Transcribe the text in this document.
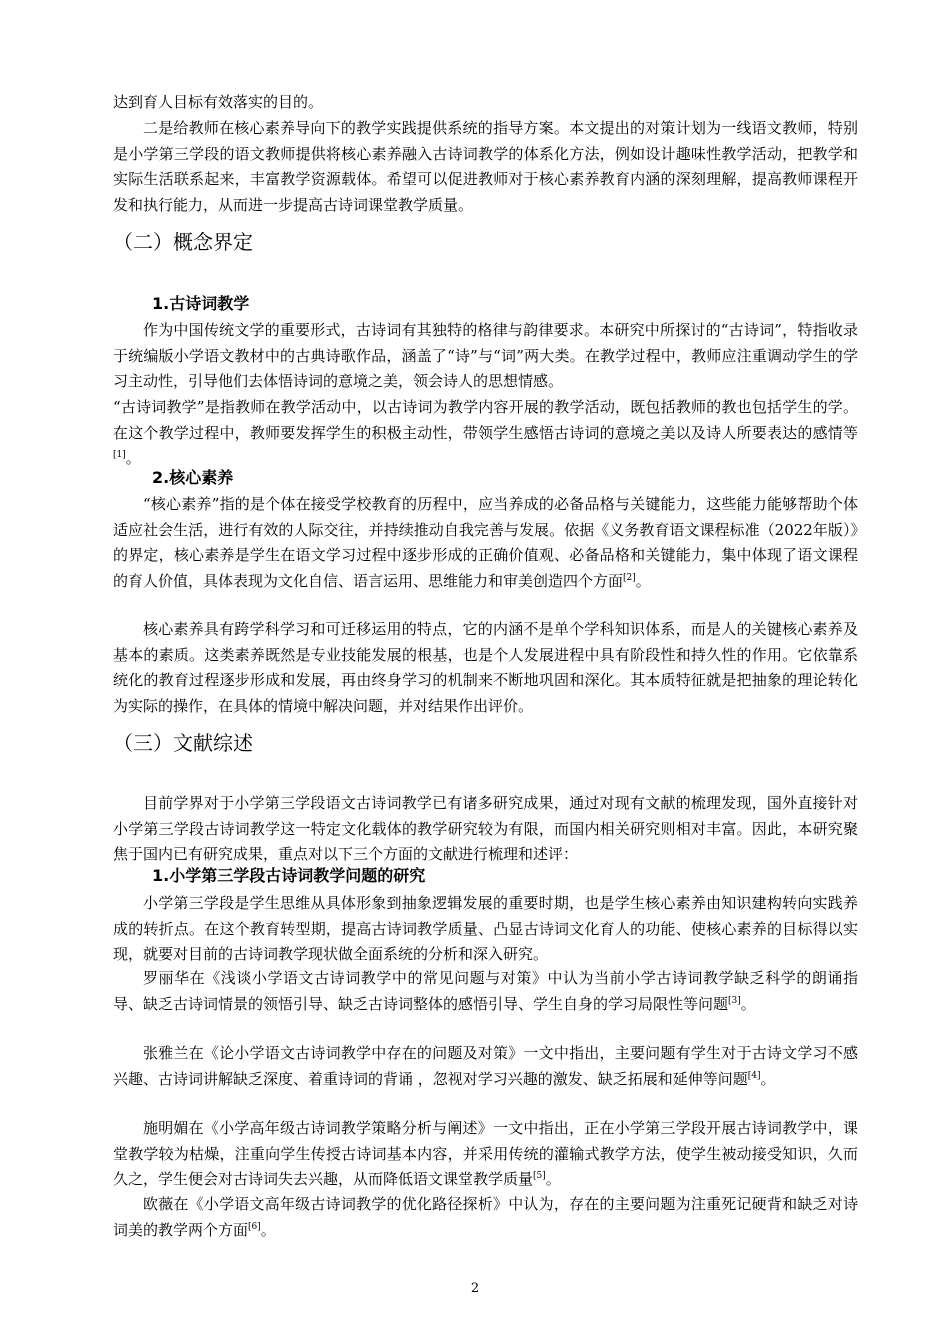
达到育人目标有效落实的目的。

二是给教师在核心素养导向下的教学实践提供系统的指导方案。本文提出的对策计划为一线语文教师，特别是小学第三学段的语文教师提供将核心素养融入古诗词教学的体系化方法，例如设计趣味性教学活动，把教学和实际生活联系起来，丰富教学资源载体。希望可以促进教师对于核心素养教育内涵的深刻理解，提高教师课程开发和执行能力，从而进一步提高古诗词课堂教学质量。

（二）概念界定
1.古诗词教学

作为中国传统文学的重要形式，古诗词有其独特的格律与韵律要求。本研究中所探讨的“古诗词”，特指收录于统编版小学语文教材中的古典诗歌作品，涵盖了“诗”与“词”两大类。在教学过程中，教师应注重调动学生的学习主动性，引导他们去体悟诗词的意境之美，领会诗人的思想情感。

“古诗词教学”是指教师在教学活动中，以古诗词为教学内容开展的教学活动，既包括教师的教也包括学生的学。在这个教学过程中，教师要发挥学生的积极主动性，带领学生感悟古诗词的意境之美以及诗人所要表达的感情等[1]。

2.核心素养

“核心素养”指的是个体在接受学校教育的历程中，应当养成的必备品格与关键能力，这些能力能够帮助个体适应社会生活，进行有效的人际交往，并持续推动自我完善与发展。依据《义务教育语文课程标准（2022年版）》的界定，核心素养是学生在语文学习过程中逐步形成的正确价值观、必备品格和关键能力，集中体现了语文课程的育人价值，具体表现为文化自信、语言运用、思维能力和审美创造四个方面[2]。

核心素养具有跨学科学习和可迁移运用的特点，它的内涵不是单个学科知识体系，而是人的关键核心素养及基本的素质。这类素养既然是专业技能发展的根基，也是个人发展进程中具有阶段性和持久性的作用。它依靠系统化的教育过程逐步形成和发展，再由终身学习的机制来不断地巩固和深化。其本质特征就是把抽象的理论转化为实际的操作，在具体的情境中解决问题，并对结果作出评价。

（三）文献综述

目前学界对于小学第三学段语文古诗词教学已有诸多研究成果，通过对现有文献的梳理发现，国外直接针对小学第三学段古诗词教学这一特定文化载体的教学研究较为有限，而国内相关研究则相对丰富。因此，本研究聚焦于国内已有研究成果，重点对以下三个方面的文献进行梳理和述评：

1.小学第三学段古诗词教学问题的研究

小学第三学段是学生思维从具体形象到抽象逻辑发展的重要时期，也是学生核心素养由知识建构转向实践养成的转折点。在这个教育转型期，提高古诗词教学质量、凸显古诗词文化育人的功能、使核心素养的目标得以实现，就要对目前的古诗词教学现状做全面系统的分析和深入研究。

罗丽华在《浅谈小学语文古诗词教学中的常见问题与对策》中认为当前小学古诗词教学缺乏科学的朗诵指导、缺乏古诗词情景的领悟引导、缺乏古诗词整体的感悟引导、学生自身的学习局限性等问题[3]。

张雅兰在《论小学语文古诗词教学中存在的问题及对策》一文中指出，主要问题有学生对于古诗文学习不感兴趣、古诗词讲解缺乏深度、着重诗词的背诵 ，忽视对学习兴趣的激发、缺乏拓展和延伸等问题[4]。

施明媚在《小学高年级古诗词教学策略分析与阐述》一文中指出，正在小学第三学段开展古诗词教学中，课堂教学较为枯燥，注重向学生传授古诗词基本内容，并采用传统的灌输式教学方法，使学生被动接受知识，久而久之，学生便会对古诗词失去兴趣，从而降低语文课堂教学质量[5]。

欧薇在《小学语文高年级古诗词教学的优化路径探析》中认为，存在的主要问题为注重死记硬背和缺乏对诗词美的教学两个方面[6]。

2
